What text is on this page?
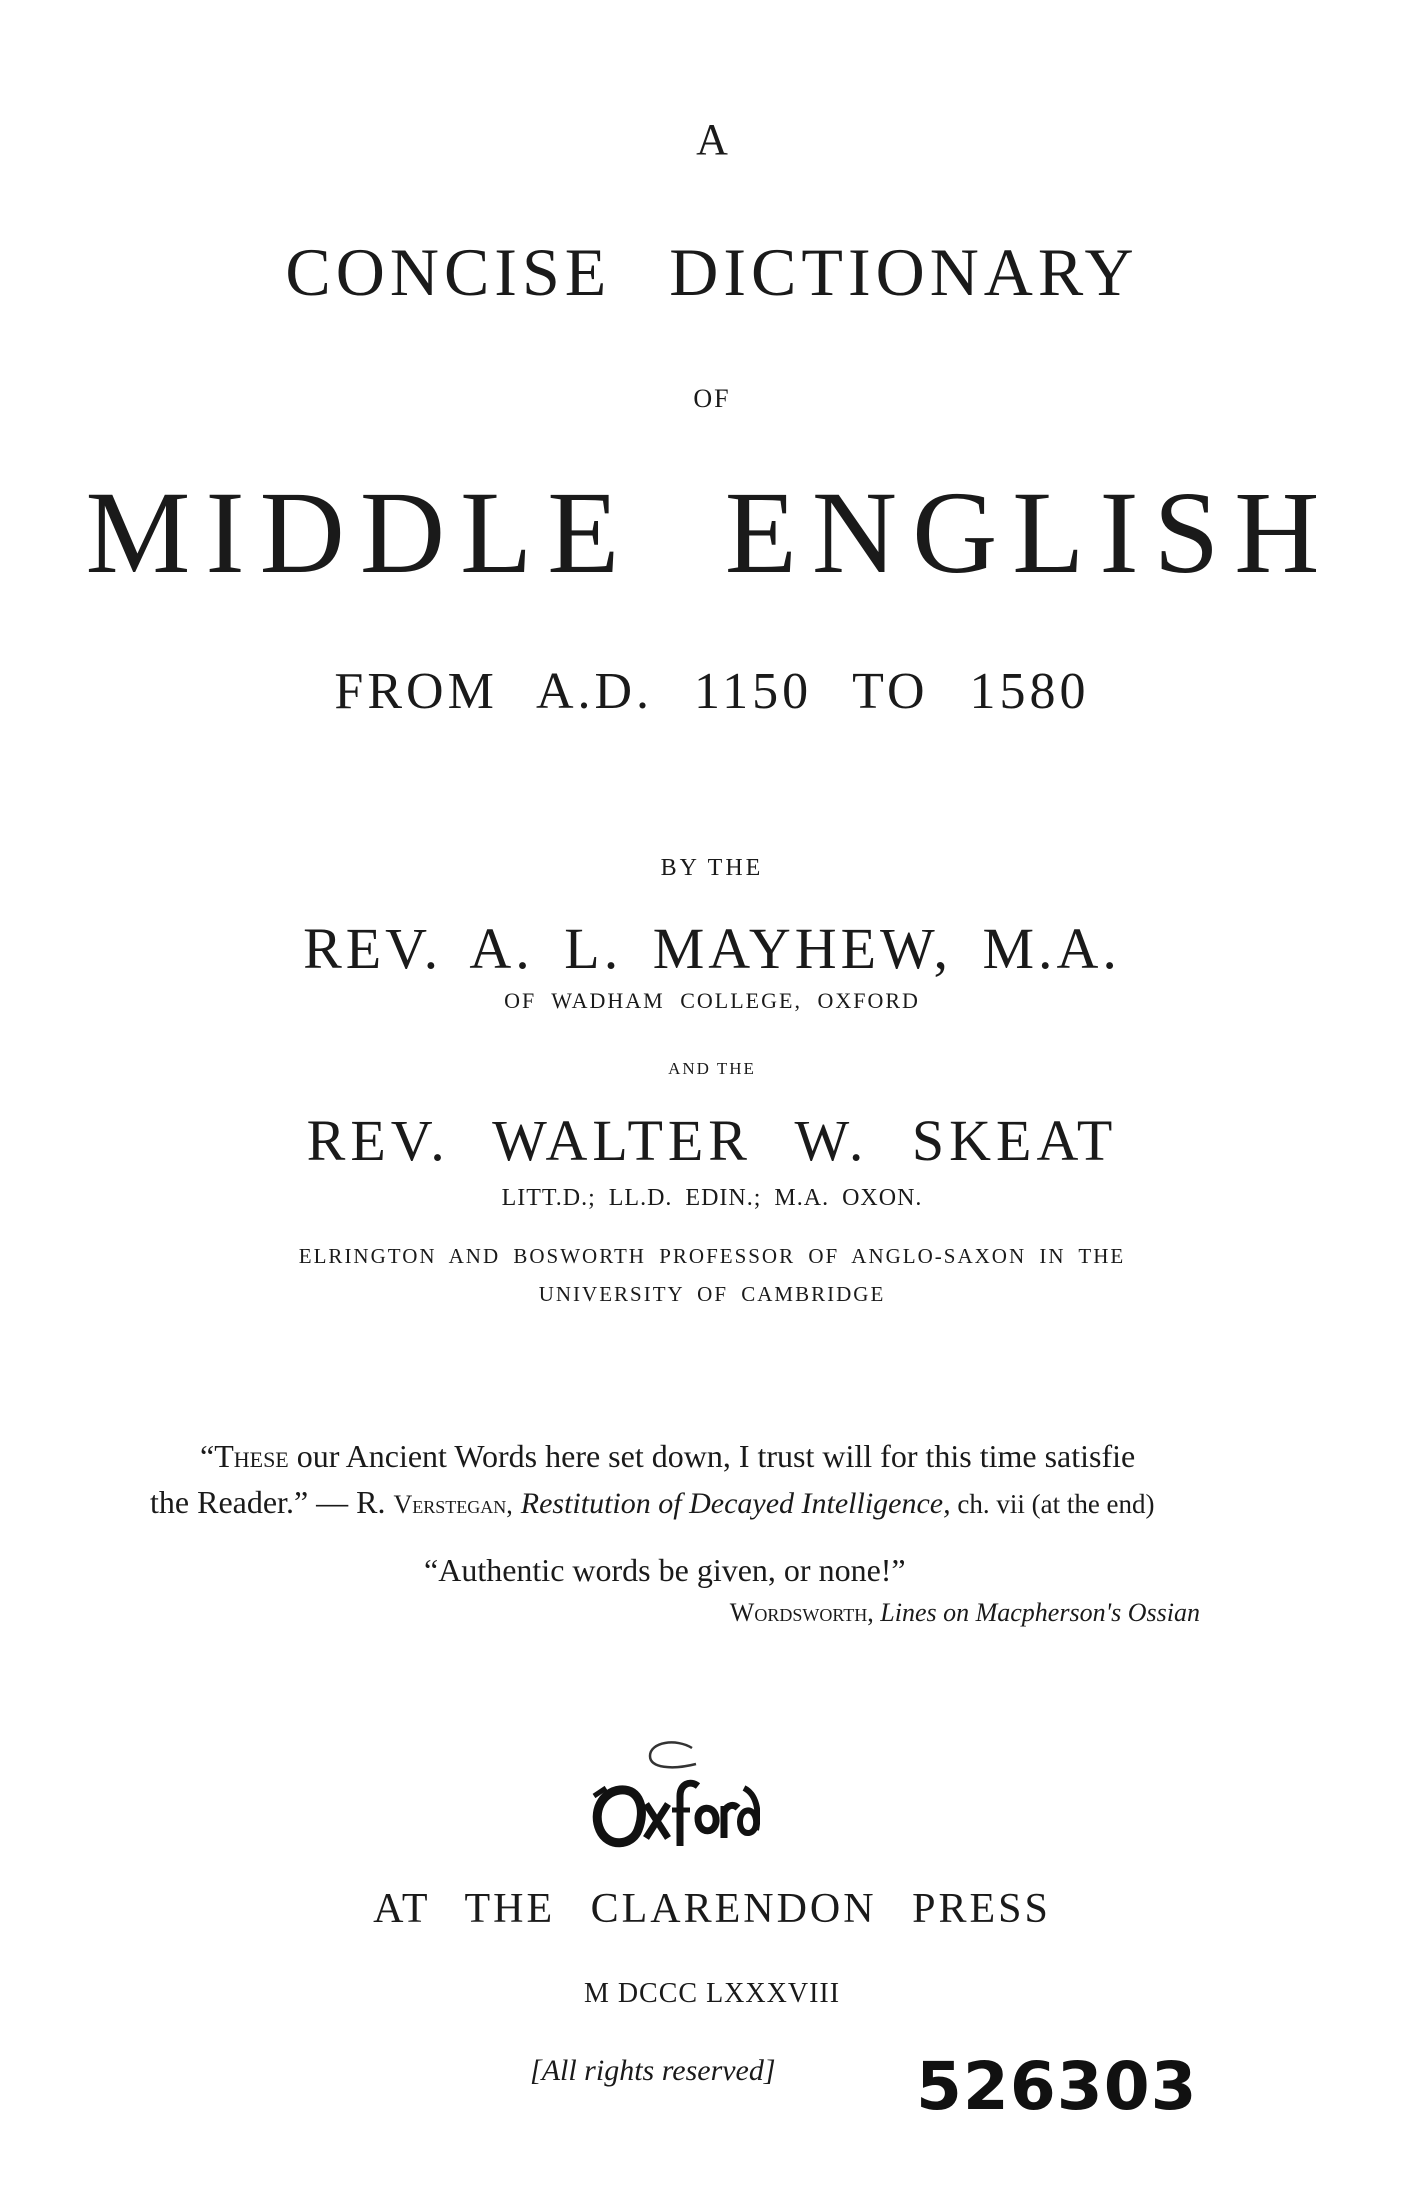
A
CONCISE DICTIONARY
OF
MIDDLE ENGLISH
FROM A.D. 1150 TO 1580
BY THE
REV. A. L. MAYHEW, M.A.
OF WADHAM COLLEGE, OXFORD
AND THE
REV. WALTER W. SKEAT
LITT.D.; LL.D. EDIN.; M.A. OXON.
ELRINGTON AND BOSWORTH PROFESSOR OF ANGLO-SAXON IN THE
UNIVERSITY OF CAMBRIDGE
“These our Ancient Words here set down, I trust will for this time satisfie
the Reader.” — R. Verstegan, Restitution of Decayed Intelligence, ch. vii (at the end)
“Authentic words be given, or none!”
Wordsworth, Lines on Macpherson's Ossian
AT THE CLARENDON PRESS
M DCCC LXXXVIII
[All rights reserved]	526303
